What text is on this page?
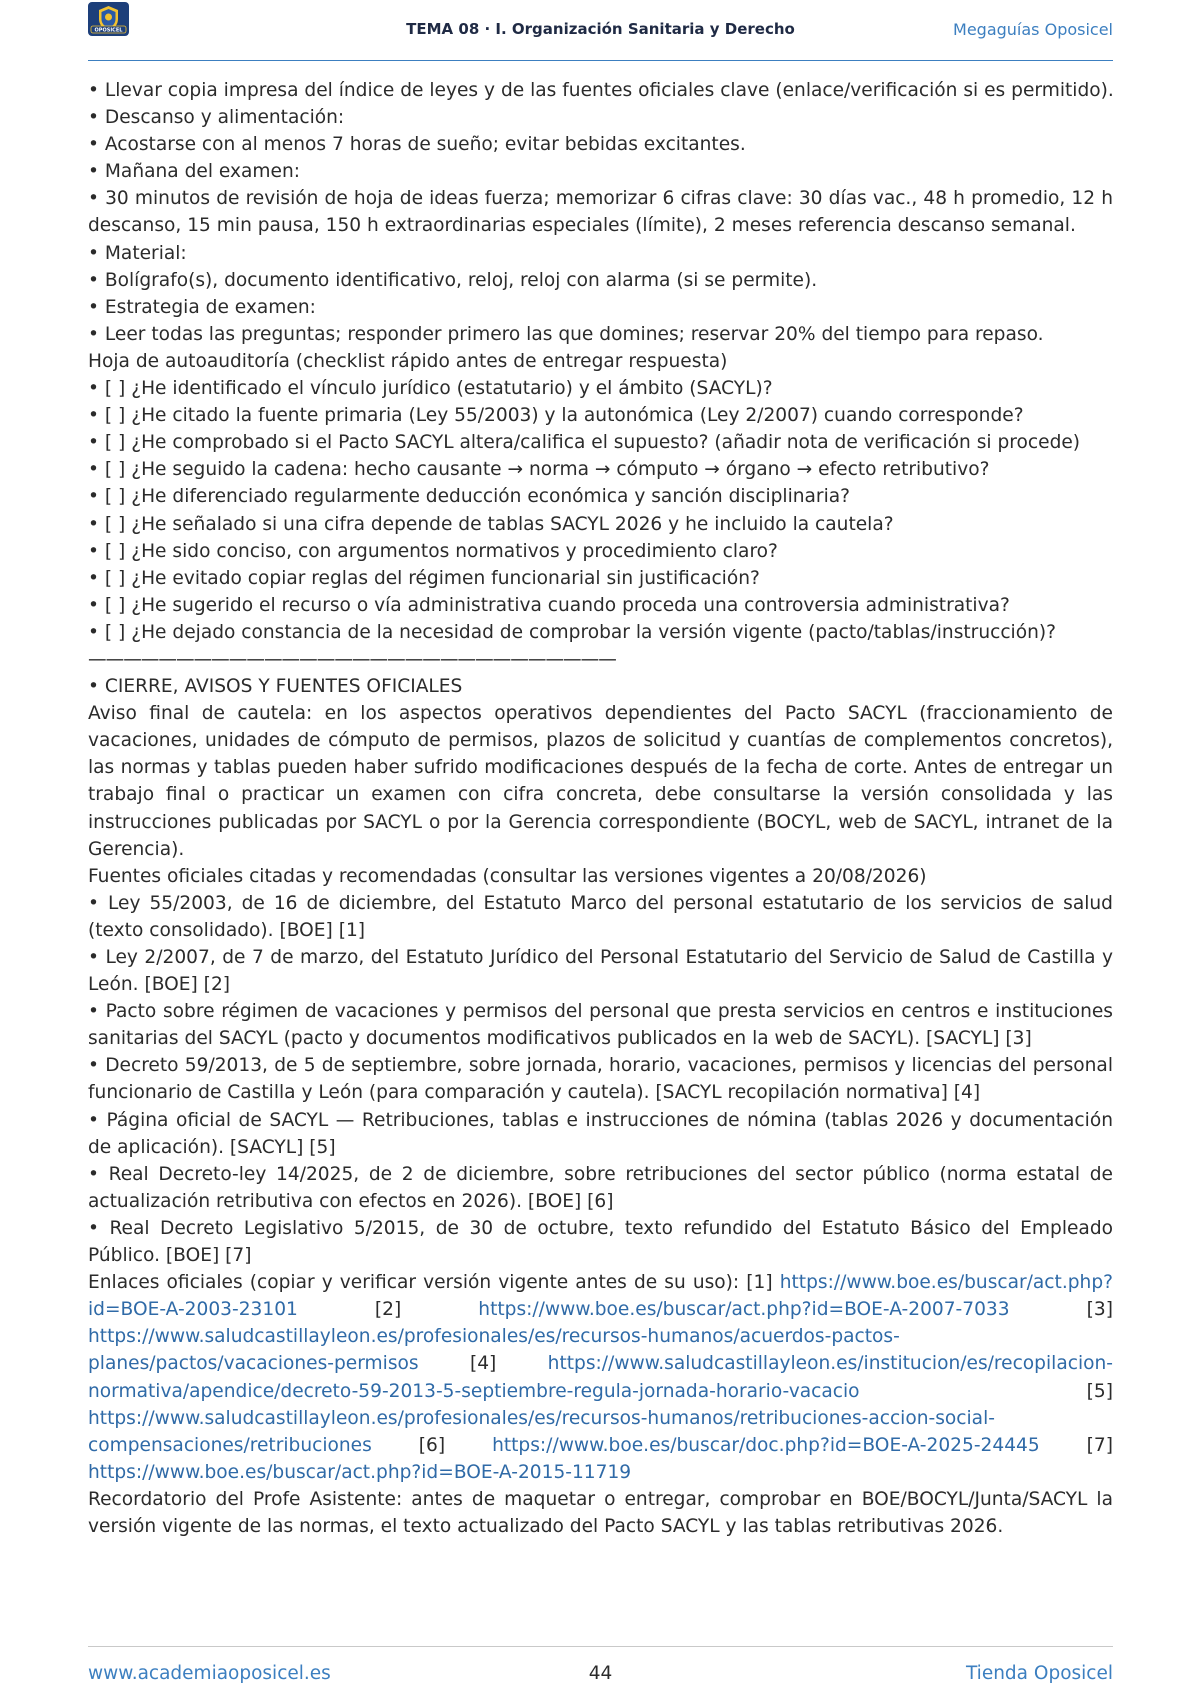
OPOSICEL	TEMA 08 · I. Organización Sanitaria y Derecho	Megaguías Oposicel
• Llevar copia impresa del índice de leyes y de las fuentes oficiales clave (enlace/verificación si es permitido).
• Descanso y alimentación:
• Acostarse con al menos 7 horas de sueño; evitar bebidas excitantes.
• Mañana del examen:
• 30 minutos de revisión de hoja de ideas fuerza; memorizar 6 cifras clave: 30 días vac., 48 h promedio, 12 h descanso, 15 min pausa, 150 h extraordinarias especiales (límite), 2 meses referencia descanso semanal.
• Material:
• Bolígrafo(s), documento identificativo, reloj, reloj con alarma (si se permite).
• Estrategia de examen:
• Leer todas las preguntas; responder primero las que domines; reservar 20% del tiempo para repaso.
Hoja de autoauditoría (checklist rápido antes de entregar respuesta)
• [ ] ¿He identificado el vínculo jurídico (estatutario) y el ámbito (SACYL)?
• [ ] ¿He citado la fuente primaria (Ley 55/2003) y la autonómica (Ley 2/2007) cuando corresponde?
• [ ] ¿He comprobado si el Pacto SACYL altera/califica el supuesto? (añadir nota de verificación si procede)
• [ ] ¿He seguido la cadena: hecho causante → norma → cómputo → órgano → efecto retributivo?
• [ ] ¿He diferenciado regularmente deducción económica y sanción disciplinaria?
• [ ] ¿He señalado si una cifra depende de tablas SACYL 2026 y he incluido la cautela?
• [ ] ¿He sido conciso, con argumentos normativos y procedimiento claro?
• [ ] ¿He evitado copiar reglas del régimen funcionarial sin justificación?
• [ ] ¿He sugerido el recurso o vía administrativa cuando proceda una controversia administrativa?
• [ ] ¿He dejado constancia de la necesidad de comprobar la versión vigente (pacto/tablas/instrucción)?
——————————————————————————————
• CIERRE, AVISOS Y FUENTES OFICIALES
Aviso final de cautela: en los aspectos operativos dependientes del Pacto SACYL (fraccionamiento de vacaciones, unidades de cómputo de permisos, plazos de solicitud y cuantías de complementos concretos), las normas y tablas pueden haber sufrido modificaciones después de la fecha de corte. Antes de entregar un trabajo final o practicar un examen con cifra concreta, debe consultarse la versión consolidada y las instrucciones publicadas por SACYL o por la Gerencia correspondiente (BOCYL, web de SACYL, intranet de la Gerencia).
Fuentes oficiales citadas y recomendadas (consultar las versiones vigentes a 20/08/2026)
• Ley 55/2003, de 16 de diciembre, del Estatuto Marco del personal estatutario de los servicios de salud (texto consolidado). [BOE] [1]
• Ley 2/2007, de 7 de marzo, del Estatuto Jurídico del Personal Estatutario del Servicio de Salud de Castilla y León. [BOE] [2]
• Pacto sobre régimen de vacaciones y permisos del personal que presta servicios en centros e instituciones sanitarias del SACYL (pacto y documentos modificativos publicados en la web de SACYL). [SACYL] [3]
• Decreto 59/2013, de 5 de septiembre, sobre jornada, horario, vacaciones, permisos y licencias del personal funcionario de Castilla y León (para comparación y cautela). [SACYL recopilación normativa] [4]
• Página oficial de SACYL — Retribuciones, tablas e instrucciones de nómina (tablas 2026 y documentación de aplicación). [SACYL] [5]
• Real Decreto-ley 14/2025, de 2 de diciembre, sobre retribuciones del sector público (norma estatal de actualización retributiva con efectos en 2026). [BOE] [6]
• Real Decreto Legislativo 5/2015, de 30 de octubre, texto refundido del Estatuto Básico del Empleado Público. [BOE] [7]
Enlaces oficiales (copiar y verificar versión vigente antes de su uso): [1] https://www.boe.es/buscar/act.php?id=BOE-A-2003-23101	[2]	https://www.boe.es/buscar/act.php?id=BOE-A-2007-7033	[3] https://www.saludcastillayleon.es/profesionales/es/recursos-humanos/acuerdos-pactos-planes/pactos/vacaciones-permisos	[4]	https://www.saludcastillayleon.es/institucion/es/recopilacion-normativa/apendice/decreto-59-2013-5-septiembre-regula-jornada-horario-vacacio	[5] https://www.saludcastillayleon.es/profesionales/es/recursos-humanos/retribuciones-accion-social-compensaciones/retribuciones	[6]	https://www.boe.es/buscar/doc.php?id=BOE-A-2025-24445	[7] https://www.boe.es/buscar/act.php?id=BOE-A-2015-11719
Recordatorio del Profe Asistente: antes de maquetar o entregar, comprobar en BOE/BOCYL/Junta/SACYL la versión vigente de las normas, el texto actualizado del Pacto SACYL y las tablas retributivas 2026.
www.academiaoposicel.es	44	Tienda Oposicel
